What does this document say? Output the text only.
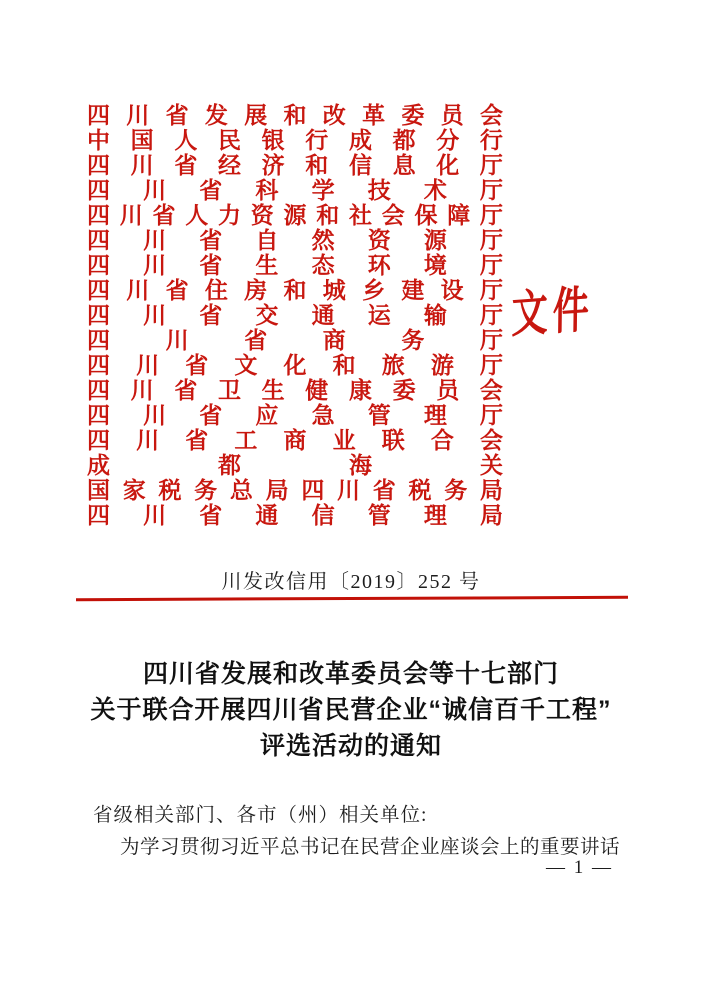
四 川 省 发 展 和 改 革 委 员 会
中 国 人 民 银 行 成 都 分 行
四 川 省 经 济 和 信 息 化 厅
四 川 省 科 学 技 术 厅
四 川 省 人 力 资 源 和 社 会 保 障 厅
四 川 省 自 然 资 源 厅
四 川 省 生 态 环 境 厅
四 川 省 住 房 和 城 乡 建 设 厅
四 川 省 交 通 运 输 厅
四 川 省 商 务 厅
四 川 省 文 化 和 旅 游 厅
四 川 省 卫 生 健 康 委 员 会
四 川 省 应 急 管 理 厅
四 川 省 工 商 业 联 合 会
成	都	海	关
国 家 税 务 总 局 四 川 省 税 务 局
四 川 省 通 信 管 理 局
文件
川发改信用〔2019〕252 号
四川省发展和改革委员会等十七部门
关于联合开展四川省民营企业“诚信百千工程”
评选活动的通知
省级相关部门、各市（州）相关单位:
为学习贯彻习近平总书记在民营企业座谈会上的重要讲话
— 1 —
